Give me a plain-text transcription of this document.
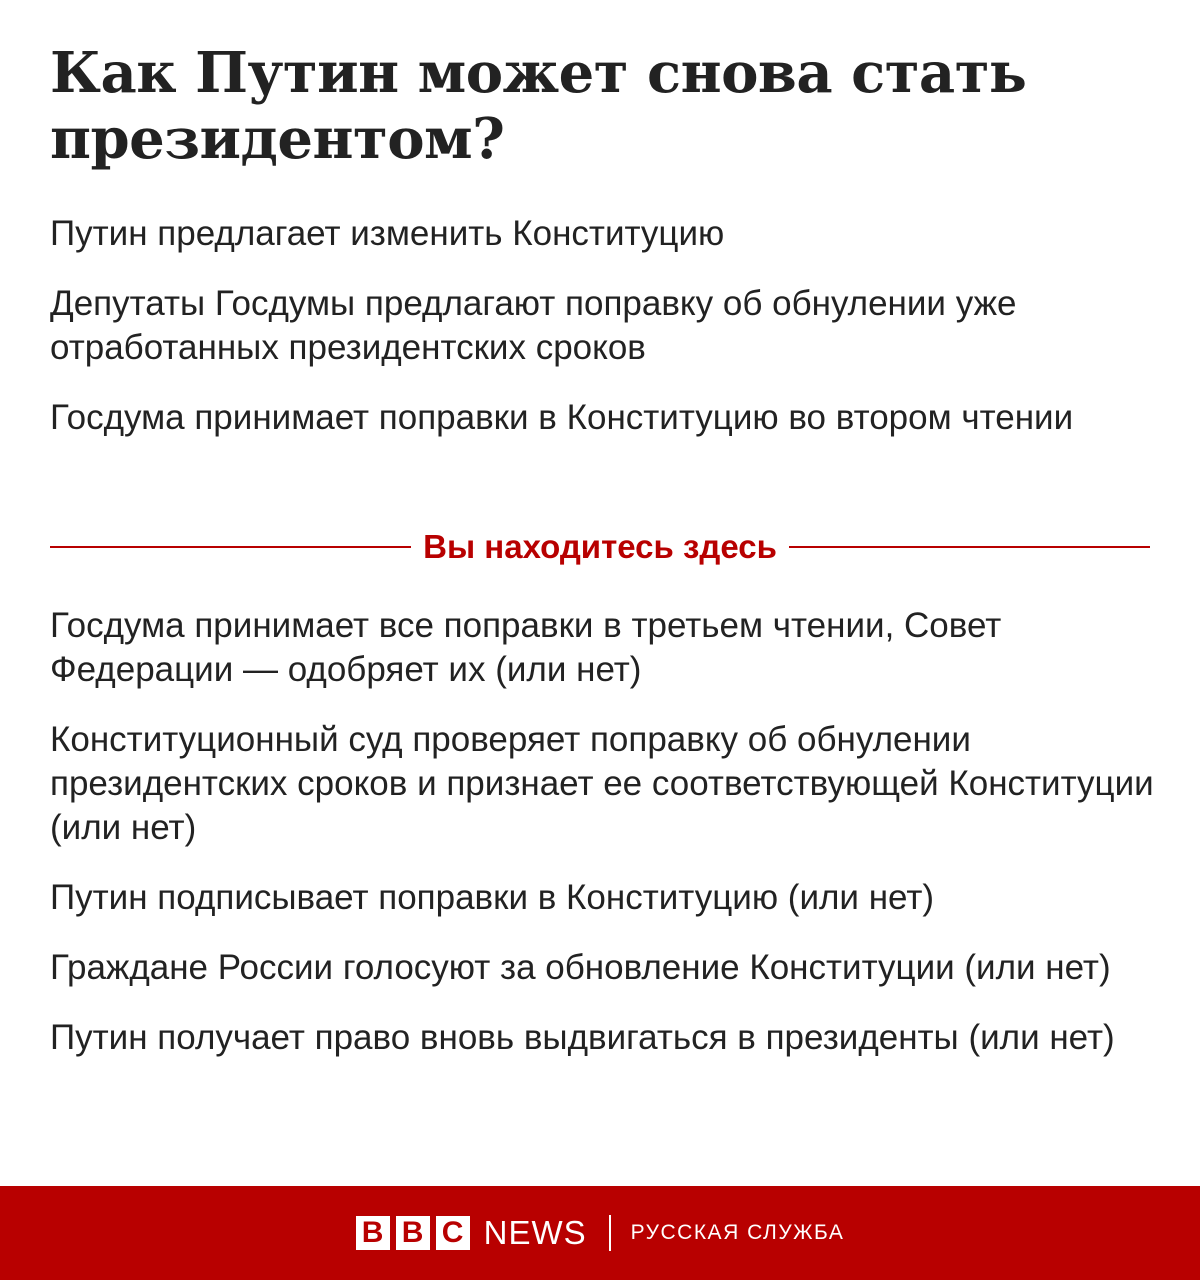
Как Путин может снова стать президентом?
Путин предлагает изменить Конституцию
Депутаты Госдумы предлагают поправку об обнулении уже отработанных президентских сроков
Госдума принимает поправки в Конституцию во втором чтении
Вы находитесь здесь
Госдума принимает все поправки в третьем чтении, Совет Федерации — одобряет их (или нет)
Конституционный суд проверяет поправку об обнулении президентских сроков и признает ее соответствующей Конституции (или нет)
Путин подписывает поправки в Конституцию (или нет)
Граждане России голосуют за обновление Конституции (или нет)
Путин получает право вновь выдвигаться в президенты (или нет)
B B C NEWS РУССКАЯ СЛУЖБА
